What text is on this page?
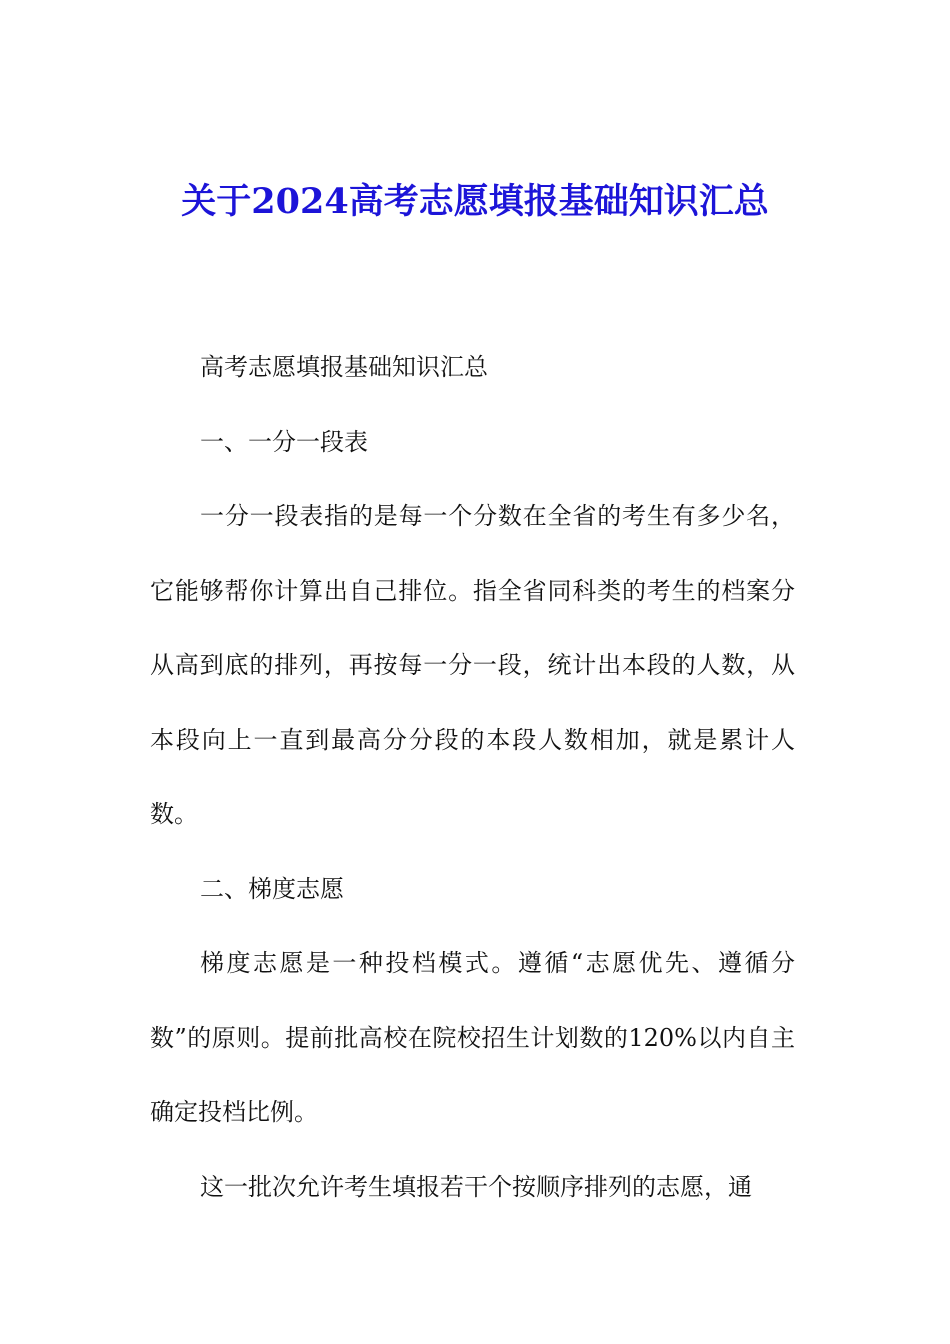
关于2024高考志愿填报基础知识汇总

高考志愿填报基础知识汇总

一、一分一段表

一分一段表指的是每一个分数在全省的考生有多少名，它能够帮你计算出自己排位。指全省同科类的考生的档案分从高到底的排列，再按每一分一段，统计出本段的人数，从本段向上一直到最高分分段的本段人数相加，就是累计人数。

二、梯度志愿

梯度志愿是一种投档模式。遵循“志愿优先、遵循分数”的原则。提前批高校在院校招生计划数的120%以内自主确定投档比例。

这一批次允许考生填报若干个按顺序排列的志愿，通
